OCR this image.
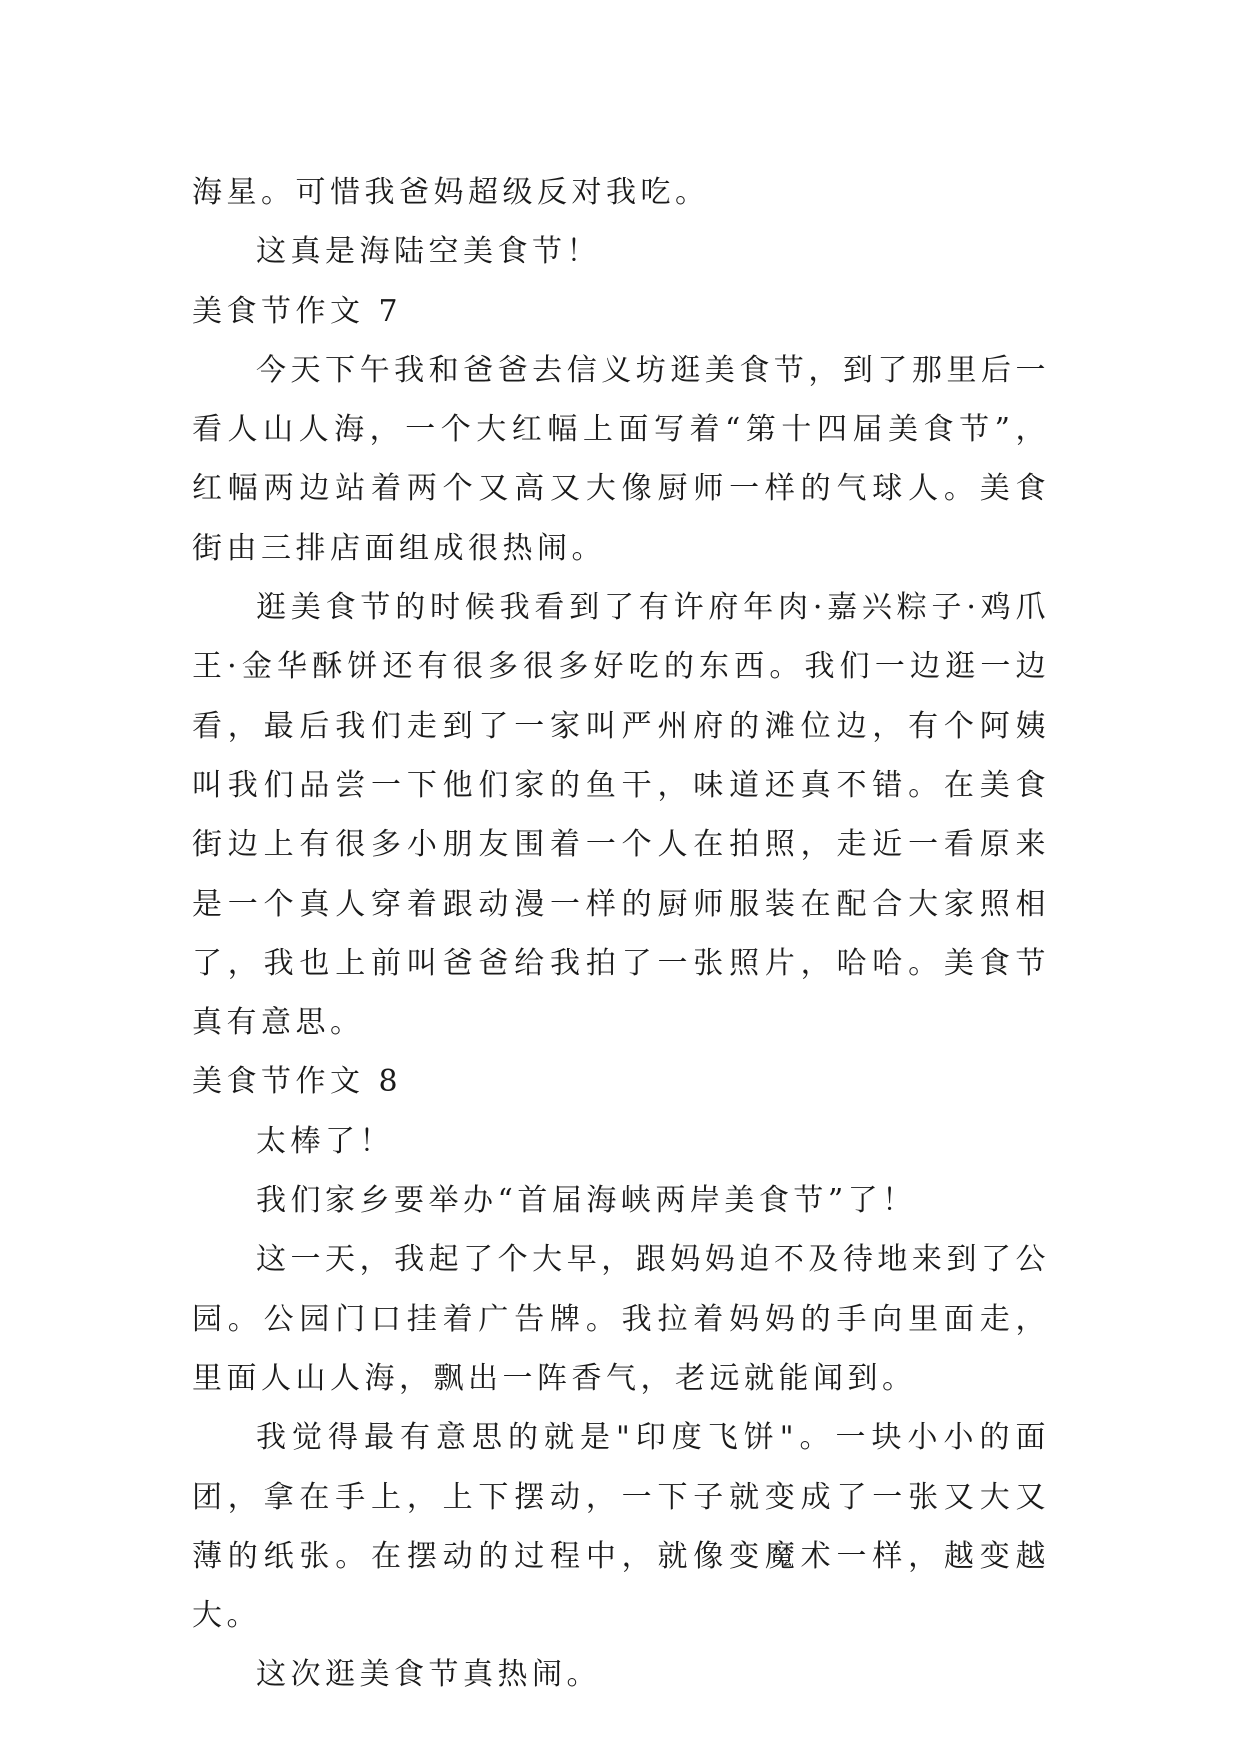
海星。可惜我爸妈超级反对我吃。

这真是海陆空美食节！

美食节作文 7

今天下午我和爸爸去信义坊逛美食节，到了那里后一看人山人海，一个大红幅上面写着“第十四届美食节”，红幅两边站着两个又高又大像厨师一样的气球人。美食街由三排店面组成很热闹。

逛美食节的时候我看到了有许府年肉·嘉兴粽子·鸡爪王·金华酥饼还有很多很多好吃的东西。我们一边逛一边看，最后我们走到了一家叫严州府的滩位边，有个阿姨叫我们品尝一下他们家的鱼干，味道还真不错。在美食街边上有很多小朋友围着一个人在拍照，走近一看原来是一个真人穿着跟动漫一样的厨师服装在配合大家照相了，我也上前叫爸爸给我拍了一张照片，哈哈。美食节真有意思。

美食节作文 8

太棒了！

我们家乡要举办“首届海峡两岸美食节”了！

这一天，我起了个大早，跟妈妈迫不及待地来到了公园。公园门口挂着广告牌。我拉着妈妈的手向里面走，里面人山人海，飘出一阵香气，老远就能闻到。

我觉得最有意思的就是"印度飞饼"。一块小小的面团，拿在手上，上下摆动，一下子就变成了一张又大又薄的纸张。在摆动的过程中，就像变魔术一样，越变越大。

这次逛美食节真热闹。
